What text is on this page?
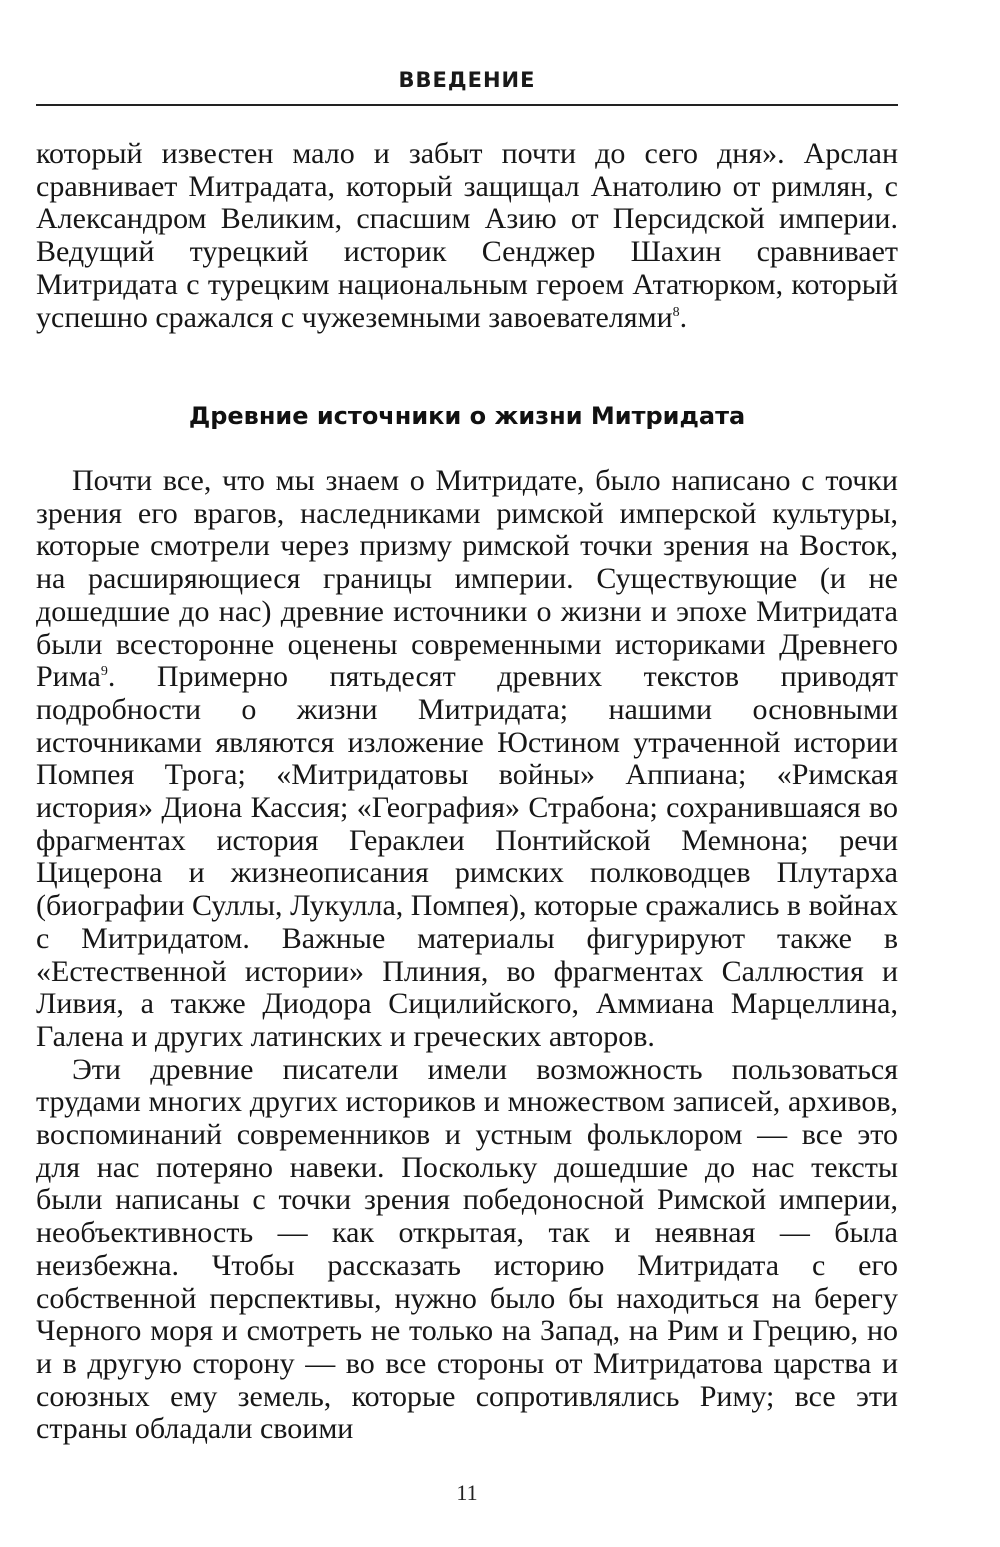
ВВЕДЕНИЕ

который известен мало и забыт почти до сего дня». Арслан сравнивает Митрадата, который защищал Анатолию от римлян, с Александром Великим, спасшим Азию от Персидской империи. Ведущий турецкий историк Сенджер Шахин сравнивает Митридата с турецким национальным героем Ататюрком, который успешно сражался с чужеземными завоевателями$^8$.

Древние источники о жизни Митридата

Почти все, что мы знаем о Митридате, было написано с точки зрения его врагов, наследниками римской имперской культуры, которые смотрели через призму римской точки зрения на Восток, на расширяющиеся границы империи. Существующие (и не дошедшие до нас) древние источники о жизни и эпохе Митридата были всесторонне оценены современными историками Древнего Рима$^9$. Примерно пятьдесят древних текстов приводят подробности о жизни Митридата; нашими основными источниками являются изложение Юстином утраченной истории Помпея Трога; «Митридатовы войны» Аппиана; «Римская история» Диона Кассия; «География» Страбона; сохранившаяся во фрагментах история Гераклеи Понтийской Мемнона; речи Цицерона и жизнеописания римских полководцев Плутарха (биографии Суллы, Лукулла, Помпея), которые сражались в войнах с Митридатом. Важные материалы фигурируют также в «Естественной истории» Плиния, во фрагментах Саллюстия и Ливия, а также Диодора Сицилийского, Аммиана Марцеллина, Галена и других латинских и греческих авторов.

Эти древние писатели имели возможность пользоваться трудами многих других историков и множеством записей, архивов, воспоминаний современников и устным фольклором — все это для нас потеряно навеки. Поскольку дошедшие до нас тексты были написаны с точки зрения победоносной Римской империи, необъективность — как открытая, так и неявная — была неизбежна. Чтобы рассказать историю Митридата с его собственной перспективы, нужно было бы находиться на берегу Черного моря и смотреть не только на Запад, на Рим и Грецию, но и в другую сторону — во все стороны от Митридатова царства и союзных ему земель, которые сопротивлялись Риму; все эти страны обладали своими

11
